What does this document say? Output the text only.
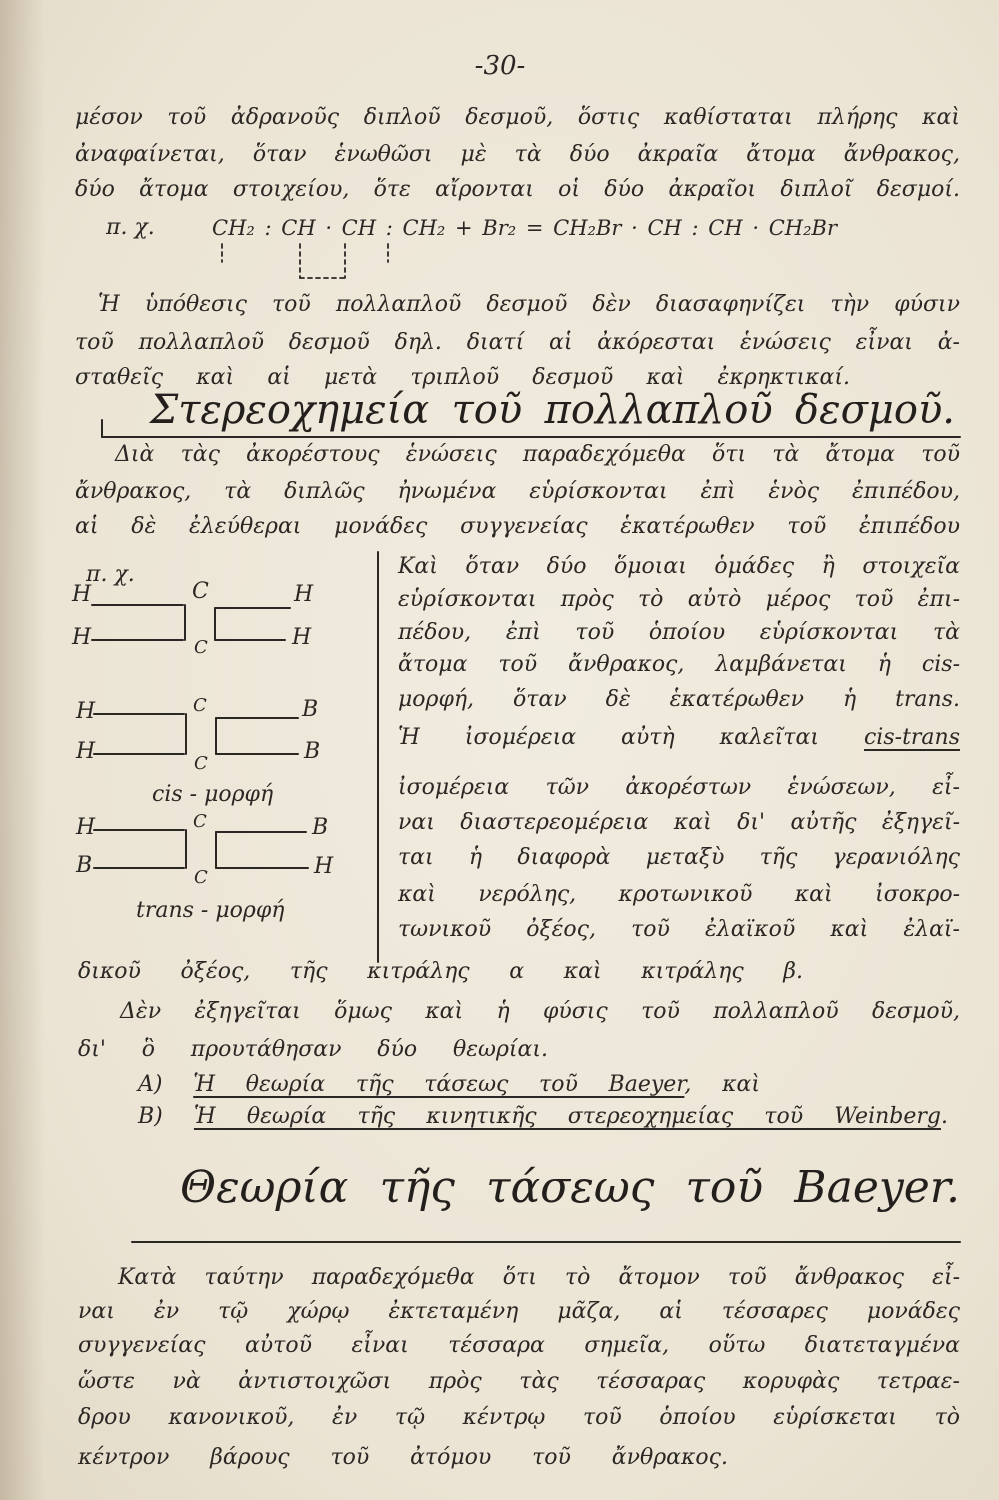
-30-
μέσον τοῦ ἀδρανοῦς διπλοῦ δεσμοῦ, ὅστις καθίσταται πλήρης καὶ
ἀναφαίνεται, ὅταν ἑνωθῶσι μὲ τὰ δύο ἀκραῖα ἄτομα ἄνθρακος,
δύο ἄτομα στοιχείου, ὅτε αἴρονται οἱ δύο ἀκραῖοι διπλοῖ δεσμοί.
π. χ.	CH₂ : CH · CH : CH₂ + Br₂ = CH₂Br · CH : CH · CH₂Br
Ἡ ὑπόθεσις τοῦ πολλαπλοῦ δεσμοῦ δὲν διασαφηνίζει τὴν φύσιν
τοῦ πολλαπλοῦ δεσμοῦ δηλ. διατί αἱ ἀκόρεσται ἑνώσεις εἶναι ἀ-
σταθεῖς καὶ αἱ μετὰ τριπλοῦ δεσμοῦ καὶ ἐκρηκτικαί.
Στερεοχημεία τοῦ πολλαπλοῦ δεσμοῦ.
Διὰ τὰς ἀκορέστους ἑνώσεις παραδεχόμεθα ὅτι τὰ ἄτομα τοῦ
ἄνθρακος, τὰ διπλῶς ἠνωμένα εὑρίσκονται ἐπὶ ἑνὸς ἐπιπέδου,
αἱ δὲ ἐλεύθεραι μονάδες συγγενείας ἑκατέρωθεν τοῦ ἐπιπέδου
π. χ.
H	C	H
H	C	H
H	C	B
H	C	B
cis - μορφή
H	C	B
B	C	H
trans - μορφή
Καὶ ὅταν δύο ὅμοιαι ὁμάδες ἢ στοιχεῖα
εὑρίσκονται πρὸς τὸ αὐτὸ μέρος τοῦ ἐπι-
πέδου, ἐπὶ τοῦ ὁποίου εὑρίσκονται τὰ
ἄτομα τοῦ ἄνθρακος, λαμβάνεται ἡ cis-
μορφή, ὅταν δὲ ἑκατέρωθεν ἡ trans.
Ἡ ἰσομέρεια αὐτὴ καλεῖται cis-trans
ἰσομέρεια τῶν ἀκορέστων ἑνώσεων, εἶ-
ναι διαστερεομέρεια καὶ δι' αὐτῆς ἐξηγεῖ-
ται ἡ διαφορὰ μεταξὺ τῆς γερανιόλης
καὶ νερόλης, κροτωνικοῦ καὶ ἰσοκρο-
τωνικοῦ ὀξέος, τοῦ ἐλαϊκοῦ καὶ ἐλαϊ-
δικοῦ ὀξέος, τῆς κιτράλης α καὶ κιτράλης β.
Δὲν ἐξηγεῖται ὅμως καὶ ἡ φύσις τοῦ πολλαπλοῦ δεσμοῦ,
δι' ὃ προυτάθησαν δύο θεωρίαι.
A) Ἡ θεωρία τῆς τάσεως τοῦ Baeyer, καὶ
B) Ἡ θεωρία τῆς κινητικῆς στερεοχημείας τοῦ Weinberg.
Θεωρία τῆς τάσεως τοῦ Baeyer.
Κατὰ ταύτην παραδεχόμεθα ὅτι τὸ ἄτομον τοῦ ἄνθρακος εἶ-
ναι ἐν τῷ χώρῳ ἐκτεταμένη μᾶζα, αἱ τέσσαρες μονάδες
συγγενείας αὐτοῦ εἶναι τέσσαρα σημεῖα, οὕτω διατεταγμένα
ὥστε νὰ ἀντιστοιχῶσι πρὸς τὰς τέσσαρας κορυφὰς τετραε-
δρου κανονικοῦ, ἐν τῷ κέντρῳ τοῦ ὁποίου εὑρίσκεται τὸ
κέντρον βάρους τοῦ ἀτόμου τοῦ ἄνθρακος.
